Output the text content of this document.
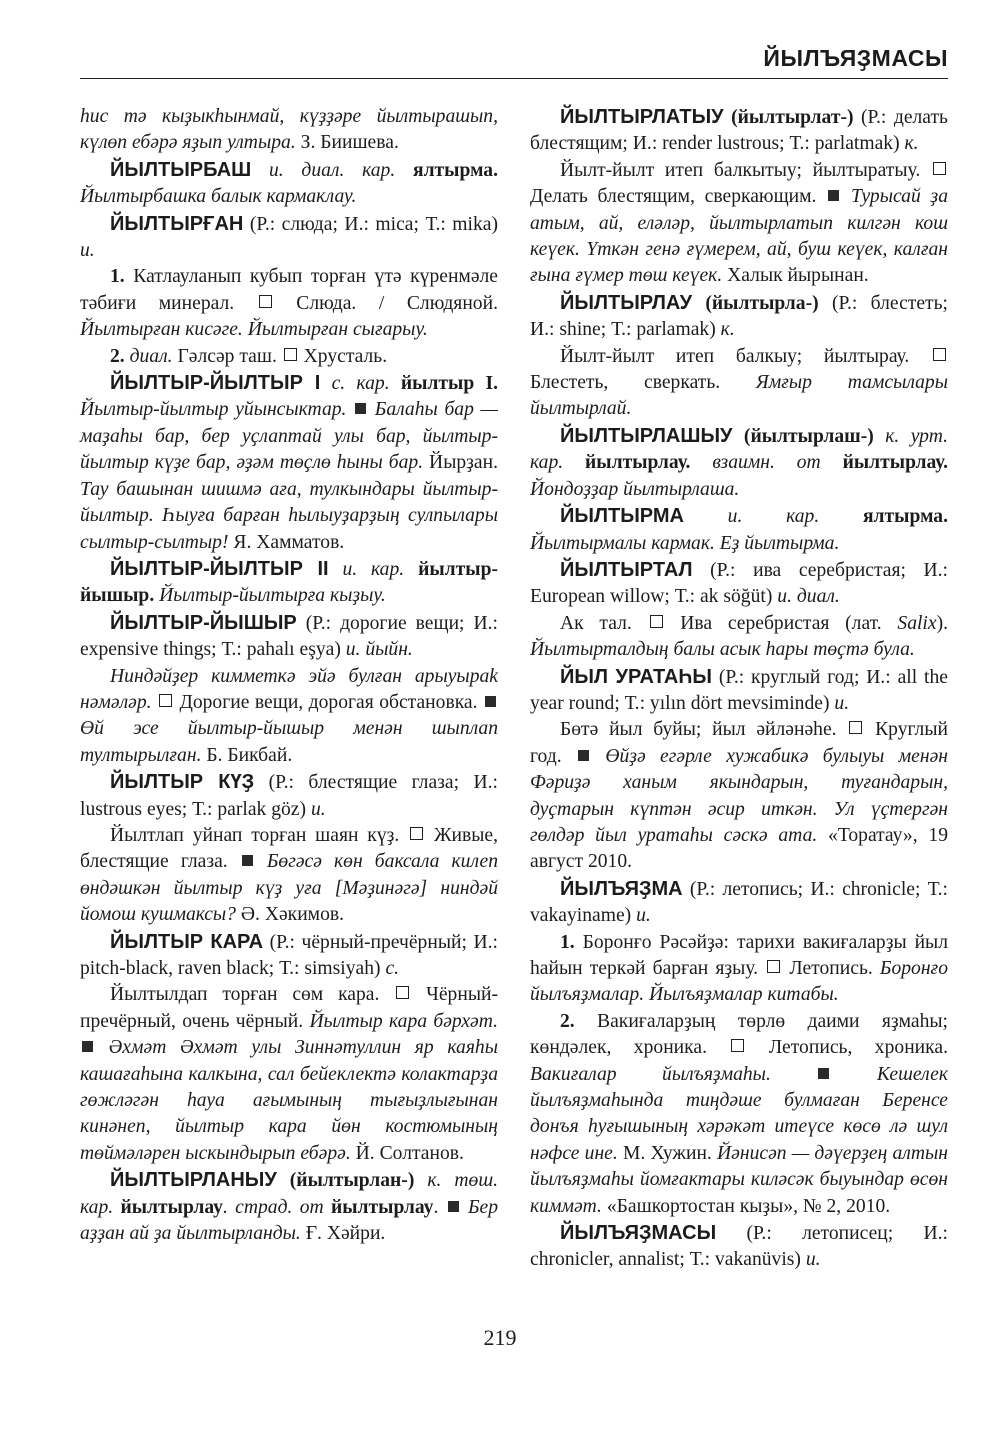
ЙЫЛЪЯҘМАСЫ

һис тә кыҙыкһынмай, күҙҙәре йылтырашып, күлөп ебәрә яҙып ултыра. З. Биишева.

ЙЫЛТЫРБАШ и. диал. кар. ялтырма. Йылтырбашка балык кармаклау.

ЙЫЛТЫРҒАН (Р.: слюда; И.: mica; Т.: mika) и.

1. Катлауланып кубып торған үтә күренмәле тәбиғи минерал.  Слюда. / Слюдяной. Йылтырған кисәге. Йылтырған сығарыу.

2. диал. Гәлсәр таш.  Хрусталь.

ЙЫЛТЫР-ЙЫЛТЫР I с. кар. йылтыр I. Йылтыр-йылтыр уйынсыктар.  Балаһы бар — маҙаһы бар, бер уҫлаптай улы бар, йылтыр-йылтыр күҙе бар, әҙәм төҫлө һыны бар. Йырҙан. Тау башынан шишмә аға, тулкындары йылтыр-йылтыр. Һыуға барған һылыуҙарҙың сулпылары сылтыр-сылтыр! Я. Хамматов.

ЙЫЛТЫР-ЙЫЛТЫР II и. кар. йылтыр-йышыр. Йылтыр-йылтырға кыҙыу.

ЙЫЛТЫР-ЙЫШЫР (Р.: дорогие вещи; И.: expensive things; Т.: pahalı eşya) и. йыйн.

Ниндәйҙер кимметкә эйә булған арыуыраk нәмәләр.  Дорогие вещи, дорогая обстановка.  Өй эсе йылтыр-йышыр менән шыплап тултырылған. Б. Бикбай.

ЙЫЛТЫР КҮҘ (Р.: блестящие глаза; И.: lustrous eyes; Т.: parlak göz) и.

Йылтлап уйнап торған шаян күҙ.  Живые, блестящие глаза.  Бөгәсә көн баксала килеп өндәшкән йылтыр күҙ уға [Мәҙинәгә] ниндәй йомош кушмаксы? Ә. Хәкимов.

ЙЫЛТЫР КАРА (Р.: чёрный-пречёрный; И.: pitch-black, raven black; Т.: simsiyah) с.

Йылтылдап торған сөм кара.  Чёрный-пречёрный, очень чёрный. Йылтыр кара бәрхәт.  Әхмәт Әхмәт улы Зиннәтуллин яр каяһы кашағаһына калкына, сал бейеклектә колактарҙа гөжләгән һауа ағымының тығыҙлығынан кинәнеп, йылтыр кара йөн костюмының төймәләрен ыскындырып ебәрә. Й. Солтанов.

ЙЫЛТЫРЛАНЫУ (йылтырлан-) к. төш. кар. йылтырлау. страд. от йылтырлау.  Бер аҙҙан ай ҙа йылтырланды. Ғ. Хәйри.

ЙЫЛТЫРЛАТЫУ (йылтырлат-) (Р.: делать блестящим; И.: render lustrous; Т.: parlatmak) к.

Йылт-йылт итеп балкытыу; йылтыратыу.  Делать блестящим, сверкающим.  Турысай ҙа атым, ай, еләләр, йылтырлатып килгән кош кеүек. Үткән генә ғүмерем, ай, буш кеүек, калған ғына ғүмер төш кеүек. Халык йырынан.

ЙЫЛТЫРЛАУ (йылтырла-) (Р.: блестеть; И.: shine; Т.: parlamak) к.

Йылт-йылт итеп балкыу; йылтырау.  Блестеть, сверкать. Ямғыр тамсылары йылтырлай.

ЙЫЛТЫРЛАШЫУ (йылтырлаш-) к. урт. кар. йылтырлау. взаимн. от йылтырлау. Йондоҙҙар йылтырлаша.

ЙЫЛТЫРМА и. кар. ялтырма. Йылтырмалы кармак. Еҙ йылтырма.

ЙЫЛТЫРТАЛ (Р.: ива серебристая; И.: European willow; Т.: ak söğüt) и. диал.

Ак тал.  Ива серебристая (лат. Salix). Йылтырталдың балы асык һары төҫтә була.

ЙЫЛ УРАТАҺЫ (Р.: круглый год; И.: all the year round; Т.: yılın dört mevsiminde) и.

Бөтә йыл буйы; йыл әйләнәһе.  Круглый год.  Өйҙә егәрле хужабикә булыуы менән Фәриҙә ханым якындарын, туғандарын, дуҫтарын күптән әсир иткән. Ул үҫтергән гөлдәр йыл уратаһы сәскә ата. «Торатау», 19 август 2010.

ЙЫЛЪЯҘМА (Р.: летопись; И.: chronicle; Т.: vakayiname) и.

1. Боронғо Рәсәйҙә: тарихи вакиғаларҙы йыл һайын теркәй барған яҙыу.  Летопись. Боронғо йылъяҙмалар. Йылъяҙмалар китабы.

2. Вакиғаларҙың төрлө даими яҙмаһы; көндәлек, хроника.  Летопись, хроника. Вакиғалар йылъяҙмаһы.	Кешелек йылъяҙмаһында тиңдәше булмаған Беренсе донъя һуғышының хәрәкәт итеүсе көсө лә шул нәфсе ине. М. Хужин. Йәнисәп — дәүерҙең алтын йылъяҙмаһы йомғактары киләсәк быуындар өсөн киммәт. «Башкортостан кыҙы», № 2, 2010.

ЙЫЛЪЯҘМАСЫ (Р.: летописец; И.: chronicler, annalist; Т.: vakanüvis) и.

219
